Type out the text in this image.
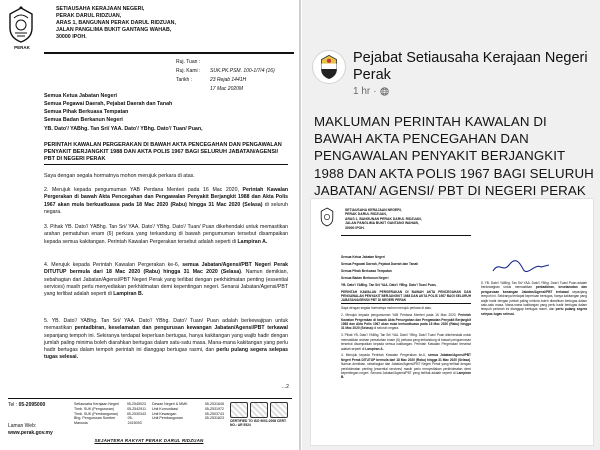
PERAK
SETIAUSAHA KERAJAAN NEGERI,
PERAK DARUL RIDZUAN,
ARAS 1, BANGUNAN PERAK DARUL RIDZUAN,
JALAN PANGLIMA BUKIT GANTANG WAHAB,
30000 IPOH.
Ruj. Tuan :
Ruj. Kami :	SUK.PK.PSM. 100-1/7/4 (16)
Tarikh :	23 Rejab 1441H
17 Mac 2020M
Semua Ketua Jabatan Negeri
Semua Pegawai Daerah, Pejabat Daerah dan Tanah
Semua Pihak Berkuasa Tempatan
Semua Badan Berkanun Negeri
YB. Dato'/ YABhg. Tan Sri/ YAA. Dato'/ YBhg. Dato'/ Tuan/ Puan,
PERINTAH KAWALAN PERGERAKAN DI BAWAH AKTA PENCEGAHAN DAN PENGAWALAN PENYAKIT BERJANGKIT 1988 DAN AKTA POLIS 1967 BAGI SELURUH JABATAN/AGENSI/ PBT DI NEGERI PERAK
Saya dengan segala hormatnya mohon merujuk perkara di atas.
2. Merujuk kepada pengumuman YAB Perdana Menteri pada 16 Mac 2020, Perintah Kawalan Pergerakan di bawah Akta Pencegahan dan Pengawalan Penyakit Berjangkit 1988 dan Akta Polis 1967 akan mula berkuatkuasa pada 18 Mac 2020 (Rabu) hingga 31 Mac 2020 (Selasa) di seluruh negara.
3. Pihak YB. Dato'/ YABhg. Tan Sri/ YAA. Dato'/ YBhg. Dato'/ Tuan/ Puan dikehendaki untuk memastikan arahan pematuhan enam (6) perkara yang terkandung di bawah pengumuman tersebut disampaikan kepada semua kakitangan. Perintah Kawalan Pergerakan tersebut adalah seperti di Lampiran A.
4. Merujuk kepada Perintah Kawalan Pergerakan ke-6, semua Jabatan/Agensi/PBT Negeri Perak DITUTUP bermula dari 18 Mac 2020 (Rabu) hingga 31 Mac 2020 (Selasa). Namun demikian, sebahagian dari Jabatan/Agensi/PBT Negeri Perak yang terlibat dengan perkhidmatan penting (essential services) masih perlu menyediakan perkhidmatan demi kepentingan negeri. Senarai Jabatan/Agensi/PBT yang terlibat adalah seperti di Lampiran B.
5. YB. Dato'/ YABhg. Tan Sri/ YAA. Dato'/ YBhg. Dato'/ Tuan/ Puan adalah berkewajipan untuk memastikan pentadbiran, keselamatan dan pengurusan kewangan Jabatan/Agensi/PBT terkawal sepanjang tempoh ini. Sekiranya terdapat keperluan bertugas, hanya kakitangan yang wajib hadir dengan jumlah paling minima boleh diarahkan bertugas dalam satu-satu masa. Mana-mana kakitangan yang perlu hadir bertugas dalam tempoh perintah ini dianggap bertugas rasmi, dan perlu pulang segera selepas tugas selesai.
...2
Tel : 05-2095000
Laman Web:
www.perak.gov.my
Setiausaha Kerajaan Negeri 05-2545023 Dewan Negeri & MMK	05-2531645
Timb. SUK (Pengurusan)	05-2542911 Unit Komunikasi	05-2531972
Timb. SUK (Pembangunan) 05-2530343 Unit Kewangan	05-2503743
Bhg. Pengurusan Sumber Manusia
05-2415093
Unit Pembangunan	05-2531823
CERTIFIED TO ISO 9001:2008 CERT. NO.: AR 5524
SEJAHTERA RAKYAT PERAK DARUL RIDZUAN
Pejabat Setiausaha Kerajaan Negeri Perak
1 hr ·
MAKLUMAN PERINTAH KAWALAN DI BAWAH AKTA PENCEGAHAN DAN PENGAWALAN PENYAKIT BERJANGKIT 1988 DAN AKTA POLIS 1967 BAGI SELURUH JABATAN/ AGENSI/ PBT DI NEGERI PERAK
SETIAUSAHA KERAJAAN NEGERI,
PERAK DARUL RIDZUAN,
ARAS 1, BANGUNAN PERAK DARUL RIDZUAN,
JALAN PANGLIMA BUKIT GANTANG WAHAB,
30000 IPOH.

Semua Ketua Jabatan Negeri

Semua Pegawai Daerah, Pejabat Daerah dan Tanah

Semua Pihak Berkuasa Tempatan

Semua Badan Berkanun Negeri

YB. Dato'/ YABhg. Tan Sri/ YAA. Dato'/ YBhg. Dato'/ Tuan/ Puan,

PERINTAH KAWALAN PERGERAKAN DI BAWAH AKTA PENCEGAHAN DAN PENGAWALAN PENYAKIT BERJANGKIT 1988 DAN AKTA POLIS 1967 BAGI SELURUH JABATAN/AGENSI/ PBT DI NEGERI PERAK

Saya dengan segala hormatnya mohon merujuk perkara di atas.

2. Merujuk kepada pengumuman YAB Perdana Menteri pada 16 Mac 2020, Perintah Kawalan Pergerakan di bawah Akta Pencegahan dan Pengawalan Penyakit Berjangkit 1988 dan Akta Polis 1967 akan mula berkuatkuasa pada 18 Mac 2020 (Rabu) hingga 31 Mac 2020 (Selasa) di seluruh negara.

3. Pihak YB. Dato'/ YABhg. Tan Sri/ YAA. Dato'/ YBhg. Dato'/ Tuan/ Puan dikehendaki untuk memastikan arahan pematuhan enam (6) perkara yang terkandung di bawah pengumuman tersebut disampaikan kepada semua kakitangan. Perintah Kawalan Pergerakan tersebut adalah seperti di Lampiran A.

4. Merujuk kepada Perintah Kawalan Pergerakan ke-6, semua Jabatan/Agensi/PBT Negeri Perak DITUTUP bermula dari 18 Mac 2020 (Rabu) hingga 31 Mac 2020 (Selasa). Namun demikian, sebahagian dari Jabatan/Agensi/PBT Negeri Perak yang terlibat dengan perkhidmatan penting (essential services) masih perlu menyediakan perkhidmatan demi kepentingan negeri. Senarai Jabatan/Agensi/PBT yang terlibat adalah seperti di Lampiran B.

5. YB. Dato'/ YABhg. Tan Sri/ YAA. Dato'/ YBhg. Dato'/ Tuan/ Puan adalah berkewajipan untuk memastikan pentadbiran, keselamatan dan pengurusan kewangan Jabatan/Agensi/PBT terkawal sepanjang tempoh ini. Sekiranya terdapat keperluan bertugas, hanya kakitangan yang wajib hadir dengan jumlah paling minima boleh diarahkan bertugas dalam satu-satu masa. Mana-mana kakitangan yang perlu hadir bertugas dalam tempoh perintah ini dianggap bertugas rasmi, dan perlu pulang segera selepas tugas selesai.
